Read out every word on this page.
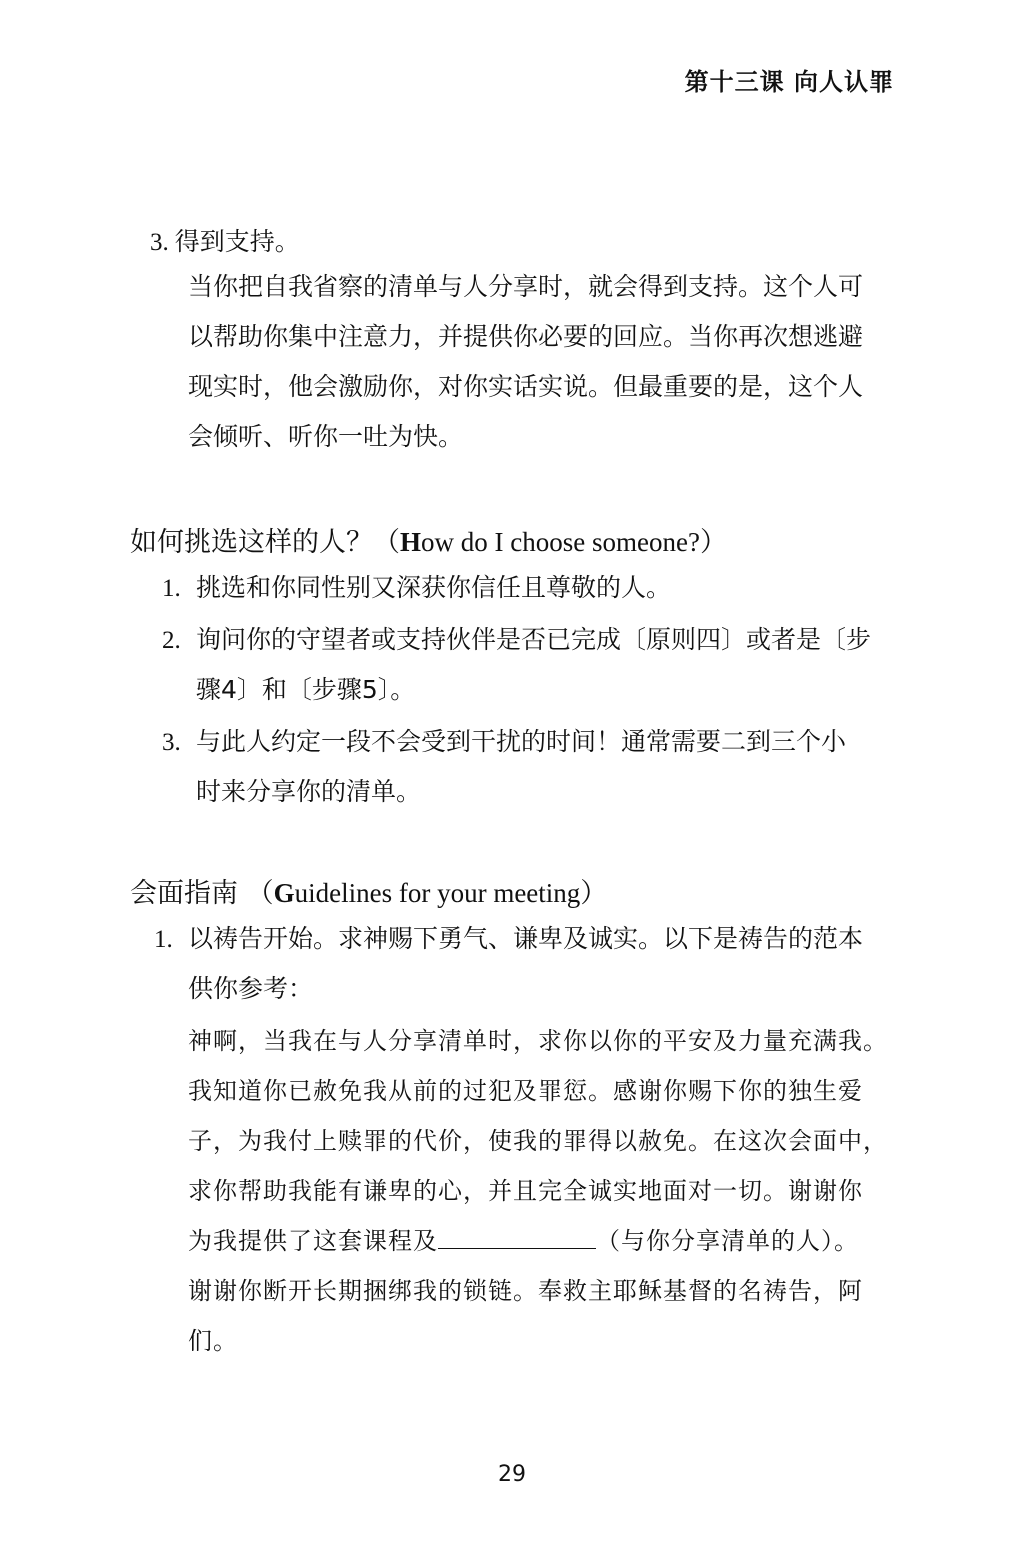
第十三课 向人认罪
3. 得到支持。
当你把自我省察的清单与人分享时，就会得到支持。这个人可
以帮助你集中注意力，并提供你必要的回应。当你再次想逃避
现实时，他会激励你，对你实话实说。但最重要的是，这个人
会倾听、听你一吐为快。
如何挑选这样的人？（How do I choose someone?）
1. 挑选和你同性别又深获你信任且尊敬的人。
2. 询问你的守望者或支持伙伴是否已完成〔原则四〕或者是〔步
骤4〕和〔步骤5〕。
3. 与此人约定一段不会受到干扰的时间！通常需要二到三个小
时来分享你的清单。
会面指南 （Guidelines for your meeting）
1. 以祷告开始。求神赐下勇气、谦卑及诚实。以下是祷告的范本
供你参考：
神啊，当我在与人分享清单时，求你以你的平安及力量充满我。
我知道你已赦免我从前的过犯及罪愆。感谢你赐下你的独生爱
子，为我付上赎罪的代价，使我的罪得以赦免。在这次会面中，
求你帮助我能有谦卑的心，并且完全诚实地面对一切。谢谢你
为我提供了这套课程及	（与你分享清单的人）。
谢谢你断开长期捆绑我的锁链。奉救主耶稣基督的名祷告，阿
们。
29
